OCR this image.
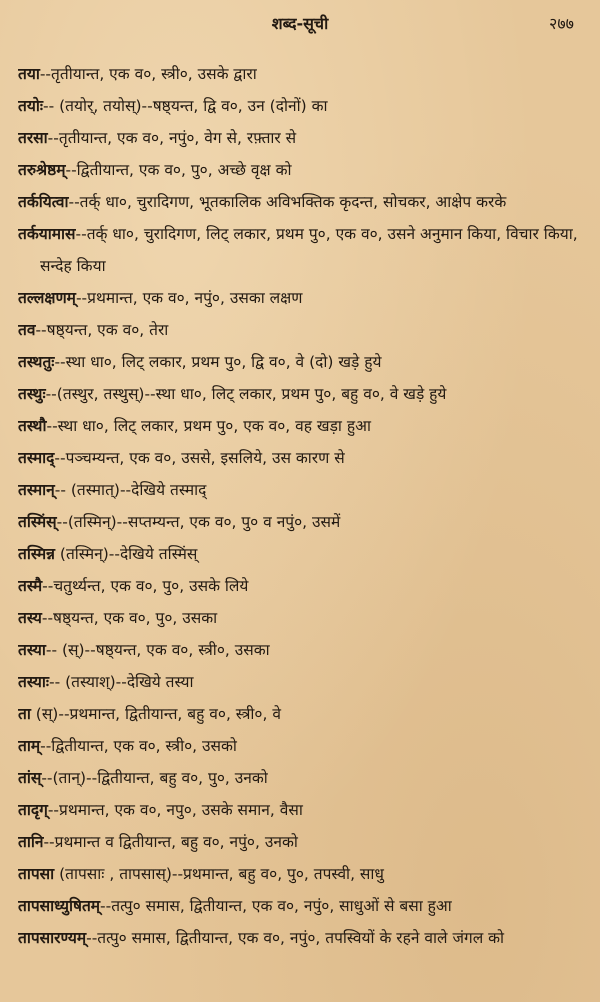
शब्द-सूची	२७७
तया--तृतीयान्त, एक व०, स्त्री०, उसके द्वारा
तयोः-- (तयोर्, तयोस्)--षष्ठ्यन्त, द्वि व०, उन (दोनों) का
तरसा--तृतीयान्त, एक व०, नपुं०, वेग से, रफ़्तार से
तरुश्रेष्ठम्--द्वितीयान्त, एक व०, पु०, अच्छे वृक्ष को
तर्कयित्वा--तर्क् धा०, चुरादिगण, भूतकालिक अविभक्तिक कृदन्त, सोचकर, आक्षेप करके
तर्कयामास--तर्क् धा०, चुरादिगण, लिट् लकार, प्रथम पु०, एक व०, उसने अनुमान किया, विचार किया, सन्देह किया
तल्लक्षणम्--प्रथमान्त, एक व०, नपुं०, उसका लक्षण
तव--षष्ठ्यन्त, एक व०, तेरा
तस्थतुः--स्था धा०, लिट् लकार, प्रथम पु०, द्वि व०, वे (दो) खड़े हुये
तस्थुः--(तस्थुर, तस्थुस्)--स्था धा०, लिट् लकार, प्रथम पु०, बहु व०, वे खड़े हुये
तस्थौ--स्था धा०, लिट् लकार, प्रथम पु०, एक व०, वह खड़ा हुआ
तस्माद्--पञ्चम्यन्त, एक व०, उससे, इसलिये, उस कारण से
तस्मान्-- (तस्मात्)--देखिये तस्माद्
तस्मिंस्--(तस्मिन्)--सप्तम्यन्त, एक व०, पु० व नपुं०, उसमें
तस्मिन्न (तस्मिन्)--देखिये तस्मिंस्
तस्मै--चतुर्थ्यन्त, एक व०, पु०, उसके लिये
तस्य--षष्ठ्यन्त, एक व०, पु०, उसका
तस्या-- (स्)--षष्ठ्यन्त, एक व०, स्त्री०, उसका
तस्याः-- (तस्याश्)--देखिये तस्या
ता (स्)--प्रथमान्त, द्वितीयान्त, बहु व०, स्त्री०, वे
ताम्--द्वितीयान्त, एक व०, स्त्री०, उसको
तांस्--(तान्)--द्वितीयान्त, बहु व०, पु०, उनको
तादृग्--प्रथमान्त, एक व०, नपु०, उसके समान, वैसा
तानि--प्रथमान्त व द्वितीयान्त, बहु व०, नपुं०, उनको
तापसा (तापसाः , तापसास्)--प्रथमान्त, बहु व०, पु०, तपस्वी, साधु
तापसाध्युषितम्--तत्पु० समास, द्वितीयान्त, एक व०, नपुं०, साधुओं से बसा हुआ
तापसारण्यम्--तत्पु० समास, द्वितीयान्त, एक व०, नपुं०, तपस्वियों के रहने वाले जंगल को
